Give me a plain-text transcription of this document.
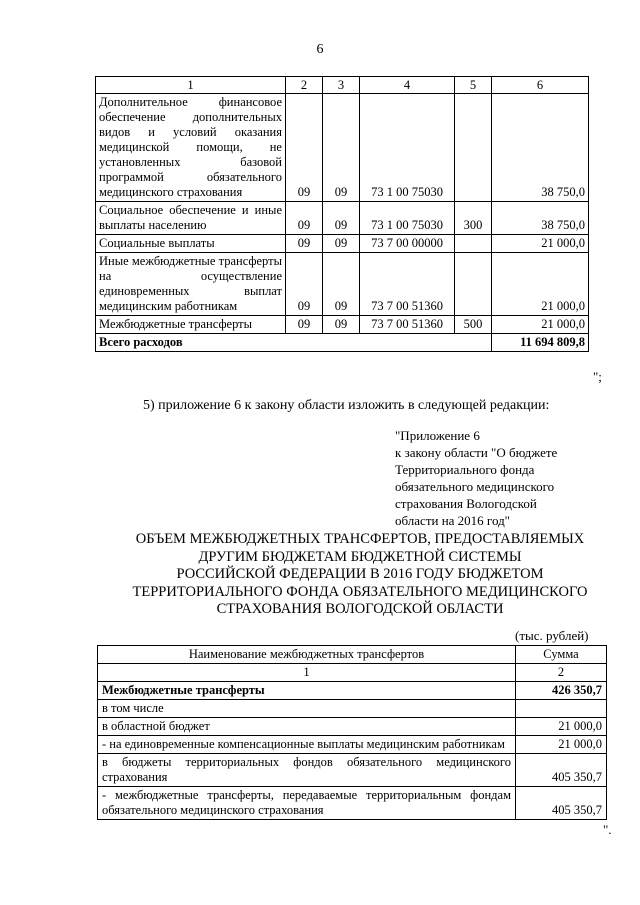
6
1	2	3	4	5	6
Дополнительное финансовое обеспечение дополнительных видов и условий оказания медицинской помощи, не установленных базовой программой обязательного медицинского страхования	09	09	73 1 00 75030		38 750,0
Социальное обеспечение и иные выплаты населению	09	09	73 1 00 75030	300	38 750,0
Социальные выплаты	09	09	73 7 00 00000		21 000,0
Иные межбюджетные трансферты на осуществление единовременных выплат медицинским работникам	09	09	73 7 00 51360		21 000,0
Межбюджетные трансферты	09	09	73 7 00 51360	500	21 000,0
Всего расходов					11 694 809,8
";
5) приложение 6 к закону области изложить в следующей редакции:
"Приложение 6
к закону области "О бюджете
Территориального фонда
обязательного медицинского
страхования Вологодской
области на 2016 год"
ОБЪЕМ МЕЖБЮДЖЕТНЫХ ТРАНСФЕРТОВ, ПРЕДОСТАВЛЯЕМЫХ
ДРУГИМ БЮДЖЕТАМ БЮДЖЕТНОЙ СИСТЕМЫ
РОССИЙСКОЙ ФЕДЕРАЦИИ В 2016 ГОДУ БЮДЖЕТОМ
ТЕРРИТОРИАЛЬНОГО ФОНДА ОБЯЗАТЕЛЬНОГО МЕДИЦИНСКОГО
СТРАХОВАНИЯ ВОЛОГОДСКОЙ ОБЛАСТИ
(тыс. рублей)
Наименование межбюджетных трансфертов	Сумма
1	2
Межбюджетные трансферты	426 350,7
в том числе	
в областной бюджет	21 000,0
- на единовременные компенсационные выплаты медицинским работникам	21 000,0
в бюджеты территориальных фондов обязательного медицинского страхования	405 350,7
- межбюджетные трансферты, передаваемые территориальным фондам обязательного медицинского страхования	405 350,7
".
